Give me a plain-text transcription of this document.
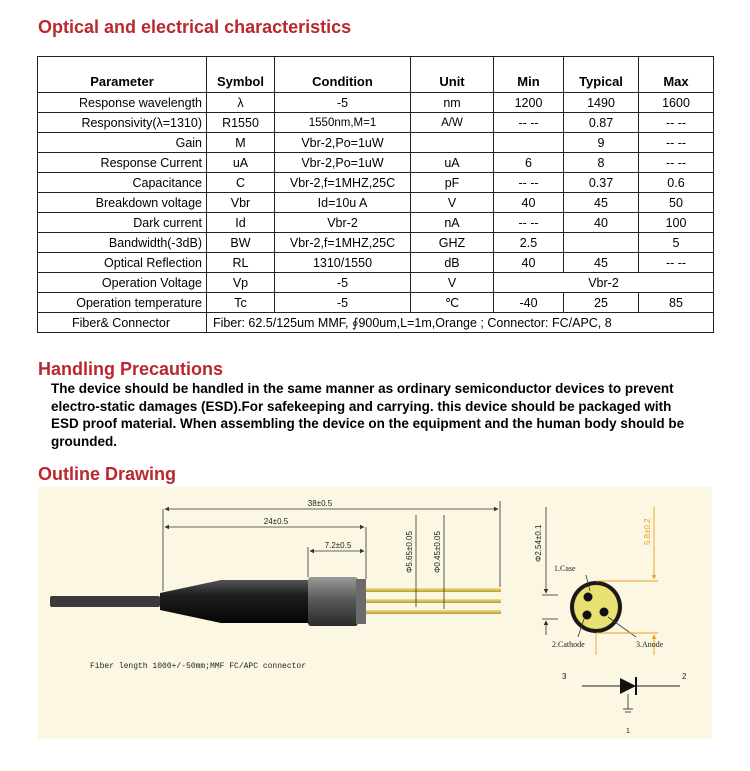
Optical and electrical characteristics
Parameter	Symbol	Condition	Unit	Min	Typical	Max
Response wavelength	λ	-5	nm	1200	1490	1600
Responsivity(λ=1310)	R1550	1550nm,M=1	A/W	-- --	0.87	-- --
Gain	M	Vbr-2,Po=1uW			9	-- --
Response Current	uA	Vbr-2,Po=1uW	uA	6	8	-- --
Capacitance	C	Vbr-2,f=1MHZ,25C	pF	-- --	0.37	0.6
Breakdown voltage	Vbr	Id=10u A	V	40	45	50
Dark current	Id	Vbr-2	nA	-- --	40	100
Bandwidth(-3dB)	BW	Vbr-2,f=1MHZ,25C	GHZ	2.5		5
Optical Reflection	RL	1310/1550	dB	40	45	-- --
Operation Voltage	Vp	-5	V	Vbr-2		
Operation temperature	Tc	-5	℃	-40	25	85
Fiber& Connector	Fiber: 62.5/125um MMF, ∮900um,L=1m,Orange ; Connector: FC/APC, 8					
Handling Precautions

The device should be handled in the same manner as ordinary semiconductor devices to prevent electro-static damages (ESD).For safekeeping and carrying. this device should be packaged with ESD proof material. When assembling the device on the equipment and the human body should be grounded.

Outline Drawing
38±0.5
24±0.5
7.2±0.5	Φ5.65±0.05 Φ0.45±0.05
Fiber length 1000+/-50mm;MMF FC/APC connector
Φ2.54±0.1	5.8±0.2
1.Case
2.Cathode	3.Anode
3	2
1
